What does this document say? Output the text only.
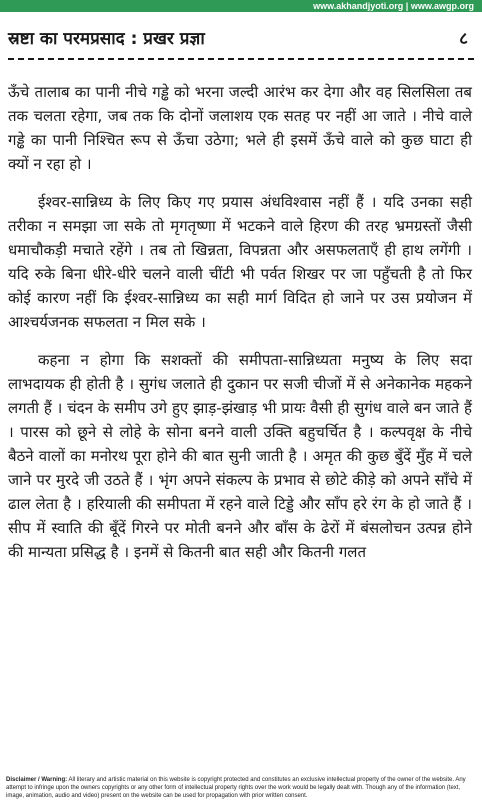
www.akhandjyoti.org | www.awgp.org
स्रष्टा का परमप्रसाद : प्रखर प्रज्ञा	८

ऊँचे तालाब का पानी नीचे गड्ढे को भरना जल्दी आरंभ कर देगा और वह सिलसिला तब तक चलता रहेगा, जब तक कि दोनों जलाशय एक सतह पर नहीं आ जाते । नीचे वाले गड्ढे का पानी निश्चित रूप से ऊँचा उठेगा; भले ही इसमें ऊँचे वाले को कुछ घाटा ही क्यों न रहा हो ।

ईश्वर-सान्निध्य के लिए किए गए प्रयास अंधविश्वास नहीं हैं । यदि उनका सही तरीका न समझा जा सके तो मृगतृष्णा में भटकने वाले हिरण की तरह भ्रमग्रस्तों जैसी धमाचौकड़ी मचाते रहेंगे । तब तो खिन्नता, विपन्नता और असफलताएँ ही हाथ लगेंगी । यदि रुके बिना धीरे-धीरे चलने वाली चींटी भी पर्वत शिखर पर जा पहुँचती है तो फिर कोई कारण नहीं कि ईश्वर-सान्निध्य का सही मार्ग विदित हो जाने पर उस प्रयोजन में आश्चर्यजनक सफलता न मिल सके ।

कहना न होगा कि सशक्तों की समीपता-सान्निध्यता मनुष्य के लिए सदा लाभदायक ही होती है । सुगंध जलाते ही दुकान पर सजी चीजों में से अनेकानेक महकने लगती हैं । चंदन के समीप उगे हुए झाड़-झंखाड़ भी प्रायः वैसी ही सुगंध वाले बन जाते हैं । पारस को छूने से लोहे के सोना बनने वाली उक्ति बहुचर्चित है । कल्पवृक्ष के नीचे बैठने वालों का मनोरथ पूरा होने की बात सुनी जाती है । अमृत की कुछ बुँदें मुँह में चले जाने पर मुरदे जी उठते हैं । भृंग अपने संकल्प के प्रभाव से छोटे कीड़े को अपने साँचे में ढाल लेता है । हरियाली की समीपता में रहने वाले टिड्डे और साँप हरे रंग के हो जाते हैं । सीप में स्वाति की बूँदें गिरने पर मोती बनने और बाँस के ढेरों में बंसलोचन उत्पन्न होने की मान्यता प्रसिद्ध है । इनमें से कितनी बात सही और कितनी गलत

Disclaimer / Warning: All literary and artistic material on this website is copyright protected and constitutes an exclusive intellectual property of the owner of the website. Any attempt to infringe upon the owners copyrights or any other form of intellectual property rights over the work would be legally dealt with. Though any of the information (text, image, animation, audio and video) present on the website can be used for propagation with prior written consent.
